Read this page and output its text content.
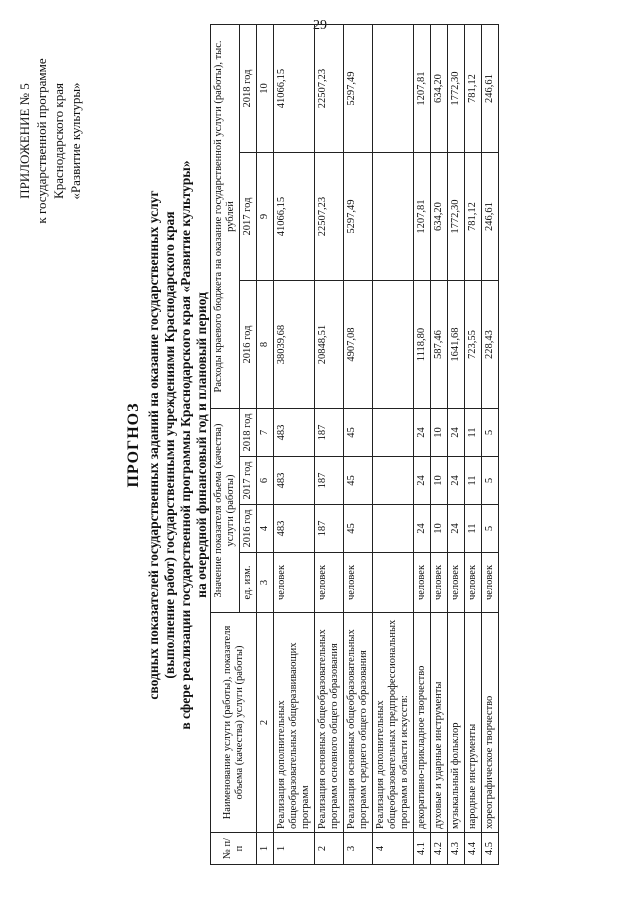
29
ПРИЛОЖЕНИЕ № 5 к государственной программе Краснодарского края «Развитие культуры»
ПРОГНОЗ сводных показателей государственных заданий на оказание государственных услуг (выполнение работ) государственными учреждениями Краснодарского края в сфере реализации государственной программы Краснодарского края «Развитие культуры» на очередной финансовый год и плановый период
№ п/п	Наименование услуги (работы), показателя объема (качества) услуги (работы)	Значение показателя объема (качества) услуги (работы)				Расходы краевого бюджета на оказание государственной услуги (работы), тыс. рублей		
		ед. изм.	2016 год	2017 год	2018 год	2016 год	2017 год	2018 год
1	2	3	4	6	7	8	9	10
1	Реализация дополнительных общеобразовательных общеразвивающих программ	человек	483	483	483	38039,68	41066,15	41066,15
2	Реализация основных общеобразовательных программ основного общего образования	человек	187	187	187	20848,51	22507,23	22507,23
3	Реализация основных общеобразовательных программ среднего общего образования	человек	45	45	45	4907,08	5297,49	5297,49
4	Реализация дополнительных общеобразовательных предпрофессиональных программ в области искусств:							
4.1	декоративно-прикладное творчество	человек	24	24	24	1118,80	1207,81	1207,81
4.2	духовые и ударные инструменты	человек	10	10	10	587,46	634,20	634,20
4.3	музыкальный фольклор	человек	24	24	24	1641,68	1772,30	1772,30
4.4	народные инструменты	человек	11	11	11	723,55	781,12	781,12
4.5	хореографическое творчество	человек	5	5	5	228,43	246,61	246,61
